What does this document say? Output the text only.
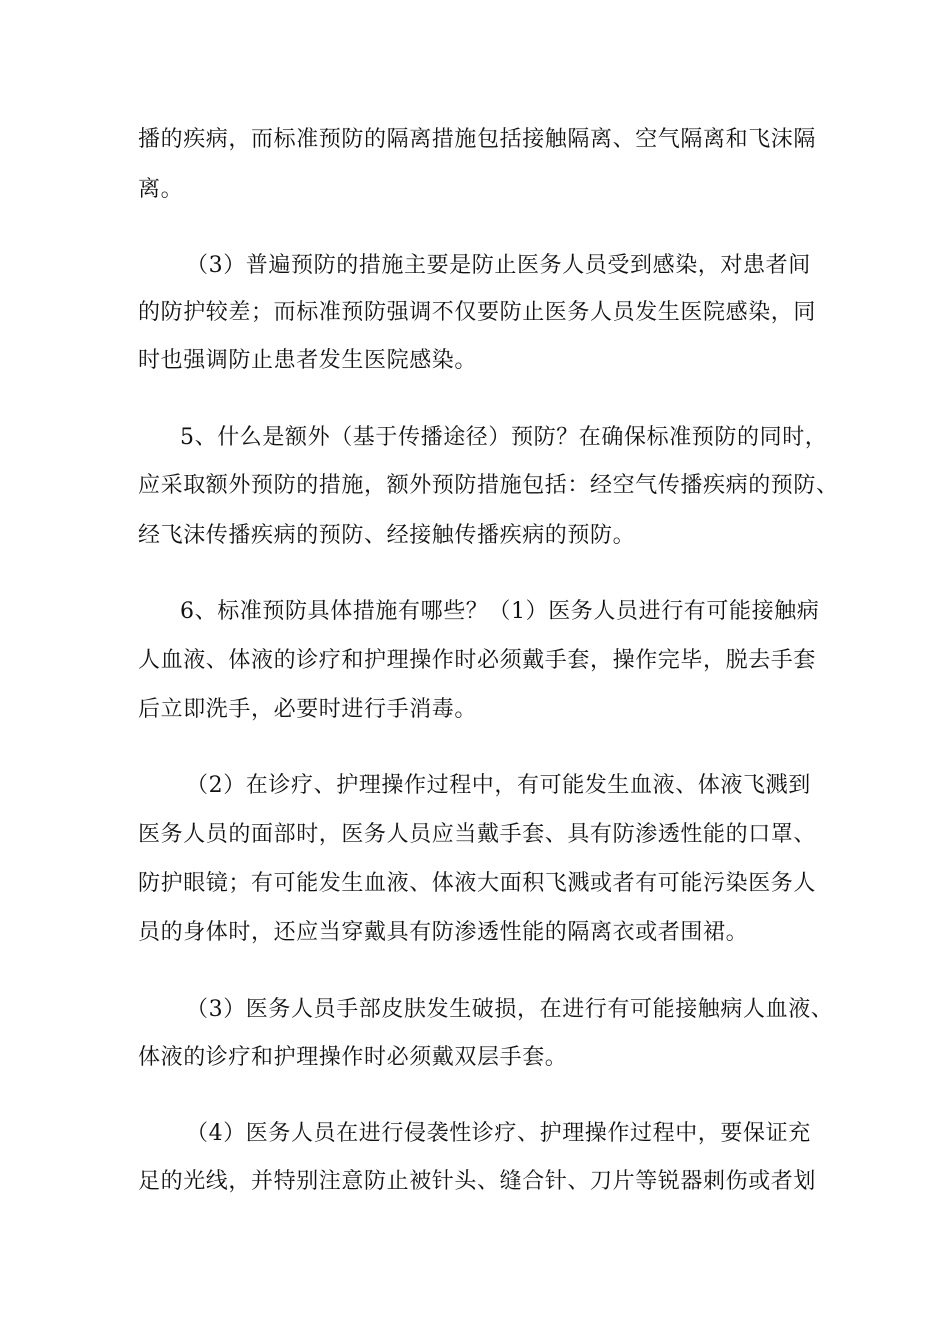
播的疾病，而标准预防的隔离措施包括接触隔离、空气隔离和飞沫隔
离。
（3）普遍预防的措施主要是防止医务人员受到感染，对患者间
的防护较差；而标准预防强调不仅要防止医务人员发生医院感染，同
时也强调防止患者发生医院感染。
5、什么是额外（基于传播途径）预防？在确保标准预防的同时，
应采取额外预防的措施，额外预防措施包括：经空气传播疾病的预防、
经飞沫传播疾病的预防、经接触传播疾病的预防。
6、标准预防具体措施有哪些？（1）医务人员进行有可能接触病
人血液、体液的诊疗和护理操作时必须戴手套，操作完毕，脱去手套
后立即洗手，必要时进行手消毒。
（2）在诊疗、护理操作过程中，有可能发生血液、体液飞溅到
医务人员的面部时，医务人员应当戴手套、具有防渗透性能的口罩、
防护眼镜；有可能发生血液、体液大面积飞溅或者有可能污染医务人
员的身体时，还应当穿戴具有防渗透性能的隔离衣或者围裙。
（3）医务人员手部皮肤发生破损，在进行有可能接触病人血液、
体液的诊疗和护理操作时必须戴双层手套。
（4）医务人员在进行侵袭性诊疗、护理操作过程中，要保证充
足的光线，并特别注意防止被针头、缝合针、刀片等锐器刺伤或者划
